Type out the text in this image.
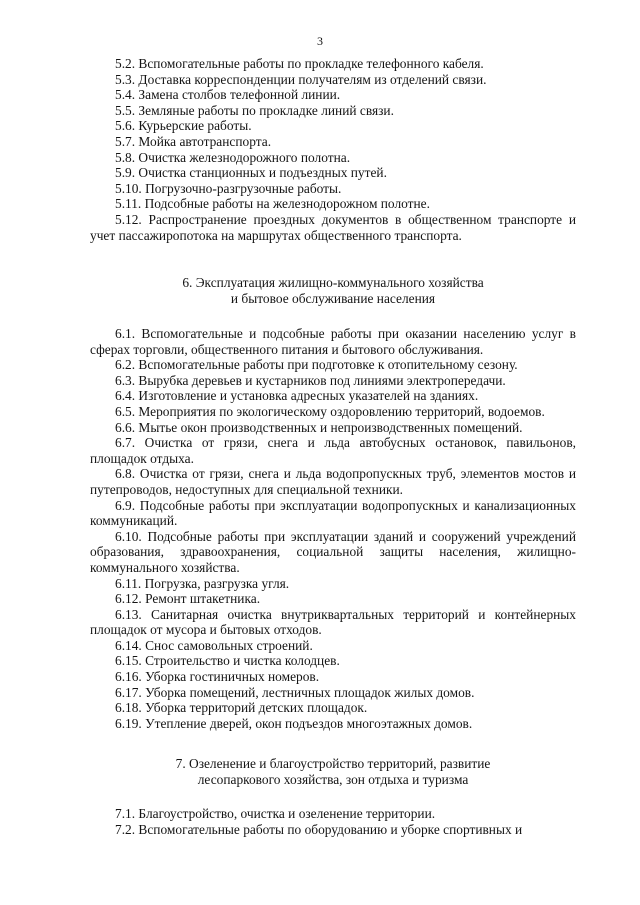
3

5.2. Вспомогательные работы по прокладке телефонного кабеля.

5.3. Доставка корреспонденции получателям из отделений связи.

5.4. Замена столбов телефонной линии.

5.5. Земляные работы по прокладке линий связи.

5.6. Курьерские работы.

5.7. Мойка автотранспорта.

5.8. Очистка железнодорожного полотна.

5.9. Очистка станционных и подъездных путей.

5.10. Погрузочно-разгрузочные работы.

5.11. Подсобные работы на железнодорожном полотне.

5.12. Распространение проездных документов в общественном транспорте и учет пассажиропотока на маршрутах общественного транспорта.

6. Эксплуатация жилищно-коммунального хозяйства

и бытовое обслуживание населения

6.1. Вспомогательные и подсобные работы при оказании населению услуг в сферах торговли, общественного питания и бытового обслуживания.

6.2. Вспомогательные работы при подготовке к отопительному сезону.

6.3. Вырубка деревьев и кустарников под линиями электропередачи.

6.4. Изготовление и установка адресных указателей на зданиях.

6.5. Мероприятия по экологическому оздоровлению территорий, водоемов.

6.6. Мытье окон производственных и непроизводственных помещений.

6.7. Очистка от грязи, снега и льда автобусных остановок, павильонов, площадок отдыха.

6.8. Очистка от грязи, снега и льда водопропускных труб, элементов мостов и путепроводов, недоступных для специальной техники.

6.9. Подсобные работы при эксплуатации водопропускных и канализационных коммуникаций.

6.10. Подсобные работы при эксплуатации зданий и сооружений учреждений образования, здравоохранения, социальной защиты населения, жилищно-коммунального хозяйства.

6.11. Погрузка, разгрузка угля.

6.12. Ремонт штакетника.

6.13. Санитарная очистка внутриквартальных территорий и контейнерных площадок от мусора и бытовых отходов.

6.14. Снос самовольных строений.

6.15. Строительство и чистка колодцев.

6.16. Уборка гостиничных номеров.

6.17. Уборка помещений, лестничных площадок жилых домов.

6.18. Уборка территорий детских площадок.

6.19. Утепление дверей, окон подъездов многоэтажных домов.

7. Озеленение и благоустройство территорий, развитие

лесопаркового хозяйства, зон отдыха и туризма

7.1. Благоустройство, очистка и озеленение территории.

7.2. Вспомогательные работы по оборудованию и уборке спортивных и
